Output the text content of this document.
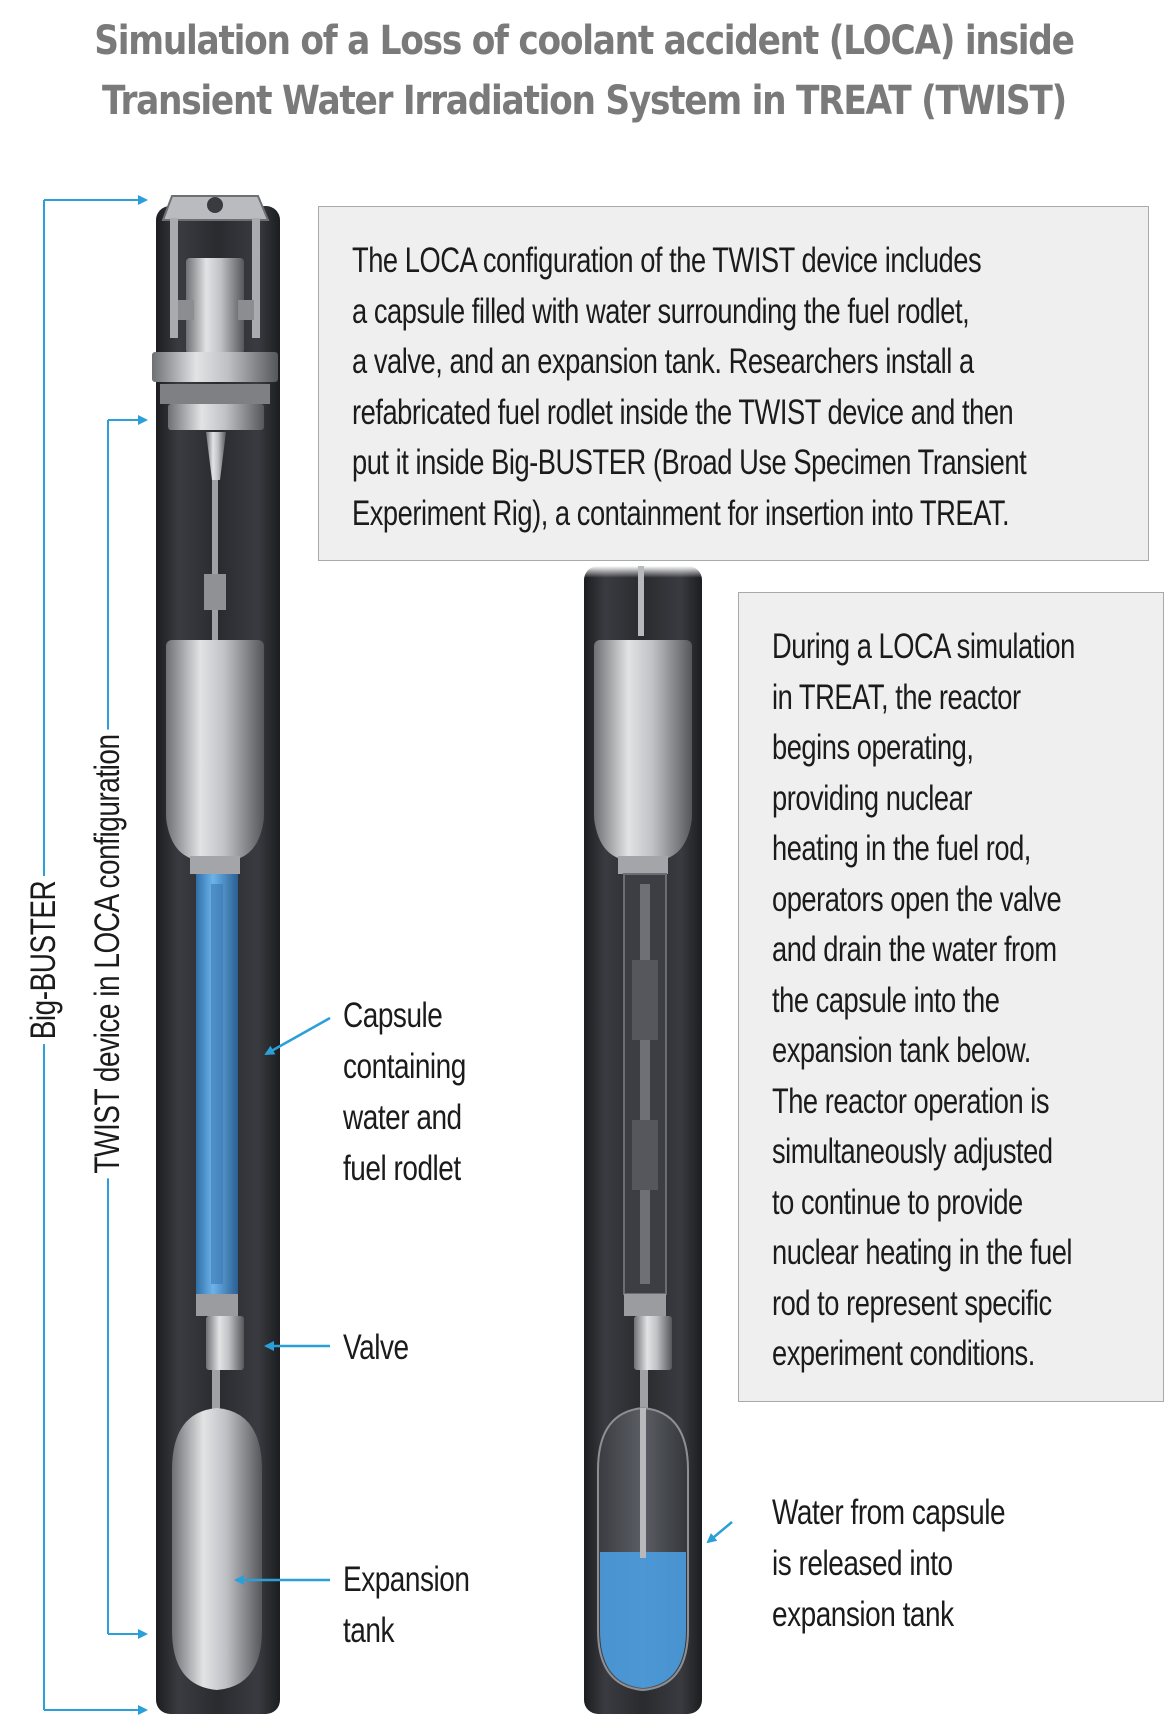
Simulation of a Loss of coolant accident (LOCA) inside
Transient Water Irradiation System in TREAT (TWIST)
The LOCA configuration of the TWIST device includes
a capsule filled with water surrounding the fuel rodlet,
a valve, and an expansion tank. Researchers install a
refabricated fuel rodlet inside the TWIST device and then
put it inside Big-BUSTER (Broad Use Specimen Transient
Experiment Rig), a containment for insertion into TREAT.
During a LOCA simulation
in TREAT, the reactor
begins operating,
providing nuclear
heating in the fuel rod,
operators open the valve
and drain the water from
the capsule into the
expansion tank below.
The reactor operation is
simultaneously adjusted
to continue to provide
nuclear heating in the fuel
rod to represent specific
experiment conditions.
Capsule
containing
water and
fuel rodlet
Valve
Expansion
tank
Water from capsule
is released into
expansion tank
Big-BUSTER TWIST device in LOCA configuration
